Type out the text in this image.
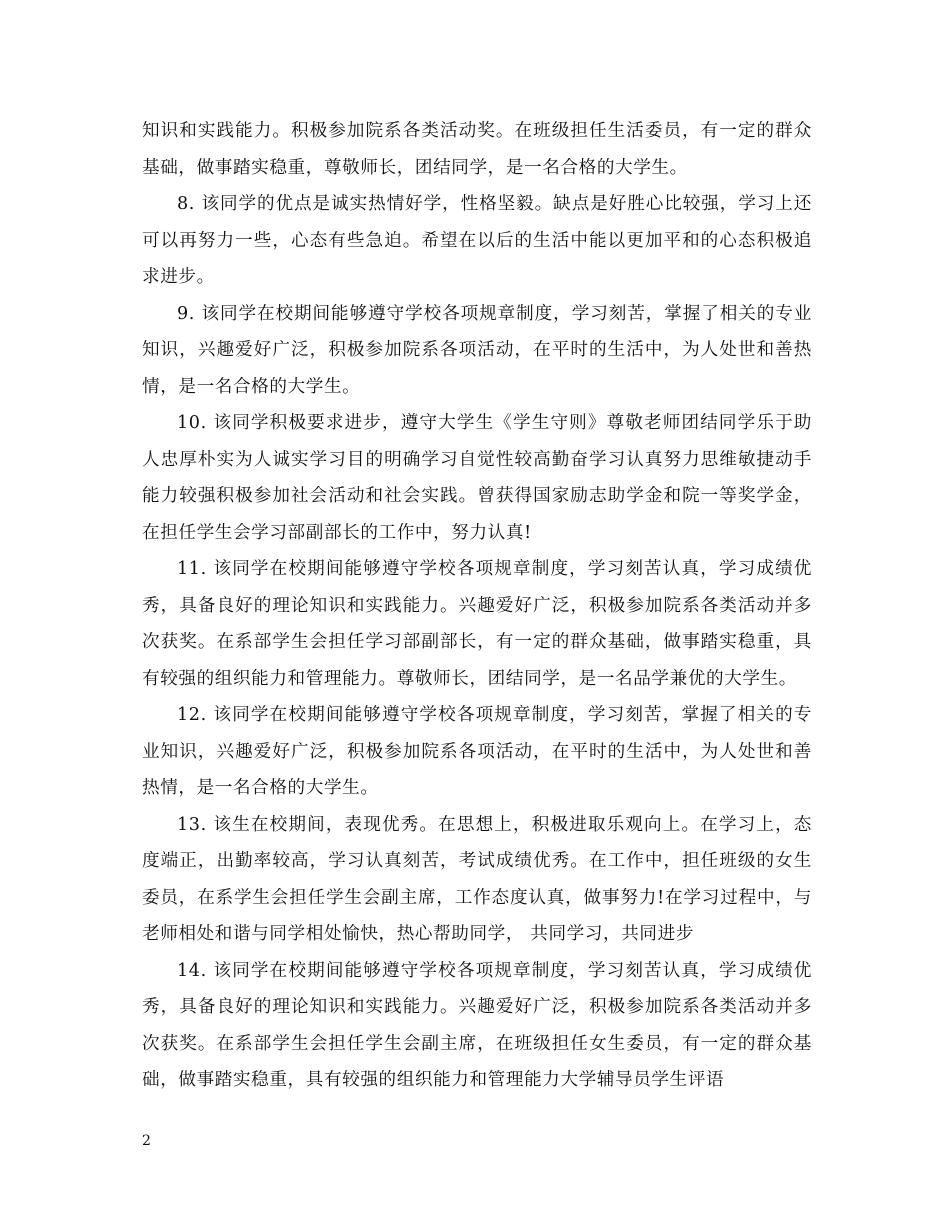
知识和实践能力。积极参加院系各类活动奖。在班级担任生活委员，有一定的群众基础，做事踏实稳重，尊敬师长，团结同学，是一名合格的大学生。

8. 该同学的优点是诚实热情好学，性格坚毅。缺点是好胜心比较强，学习上还可以再努力一些，心态有些急迫。希望在以后的生活中能以更加平和的心态积极追求进步。

9. 该同学在校期间能够遵守学校各项规章制度，学习刻苦，掌握了相关的专业知识，兴趣爱好广泛，积极参加院系各项活动，在平时的生活中，为人处世和善热情，是一名合格的大学生。

10. 该同学积极要求进步，遵守大学生《学生守则》尊敬老师团结同学乐于助人忠厚朴实为人诚实学习目的明确学习自觉性较高勤奋学习认真努力思维敏捷动手能力较强积极参加社会活动和社会实践。曾获得国家励志助学金和院一等奖学金，在担任学生会学习部副部长的工作中，努力认真!

11. 该同学在校期间能够遵守学校各项规章制度，学习刻苦认真，学习成绩优秀，具备良好的理论知识和实践能力。兴趣爱好广泛，积极参加院系各类活动并多次获奖。在系部学生会担任学习部副部长，有一定的群众基础，做事踏实稳重，具有较强的组织能力和管理能力。尊敬师长，团结同学，是一名品学兼优的大学生。

12. 该同学在校期间能够遵守学校各项规章制度，学习刻苦，掌握了相关的专业知识，兴趣爱好广泛，积极参加院系各项活动，在平时的生活中，为人处世和善热情，是一名合格的大学生。

13. 该生在校期间，表现优秀。在思想上，积极进取乐观向上。在学习上，态度端正，出勤率较高，学习认真刻苦，考试成绩优秀。在工作中，担任班级的女生委员，在系学生会担任学生会副主席，工作态度认真，做事努力!在学习过程中，与老师相处和谐与同学相处愉快，热心帮助同学， 共同学习，共同进步

14. 该同学在校期间能够遵守学校各项规章制度，学习刻苦认真，学习成绩优秀，具备良好的理论知识和实践能力。兴趣爱好广泛，积极参加院系各类活动并多次获奖。在系部学生会担任学生会副主席，在班级担任女生委员，有一定的群众基础，做事踏实稳重，具有较强的组织能力和管理能力大学辅导员学生评语

2
